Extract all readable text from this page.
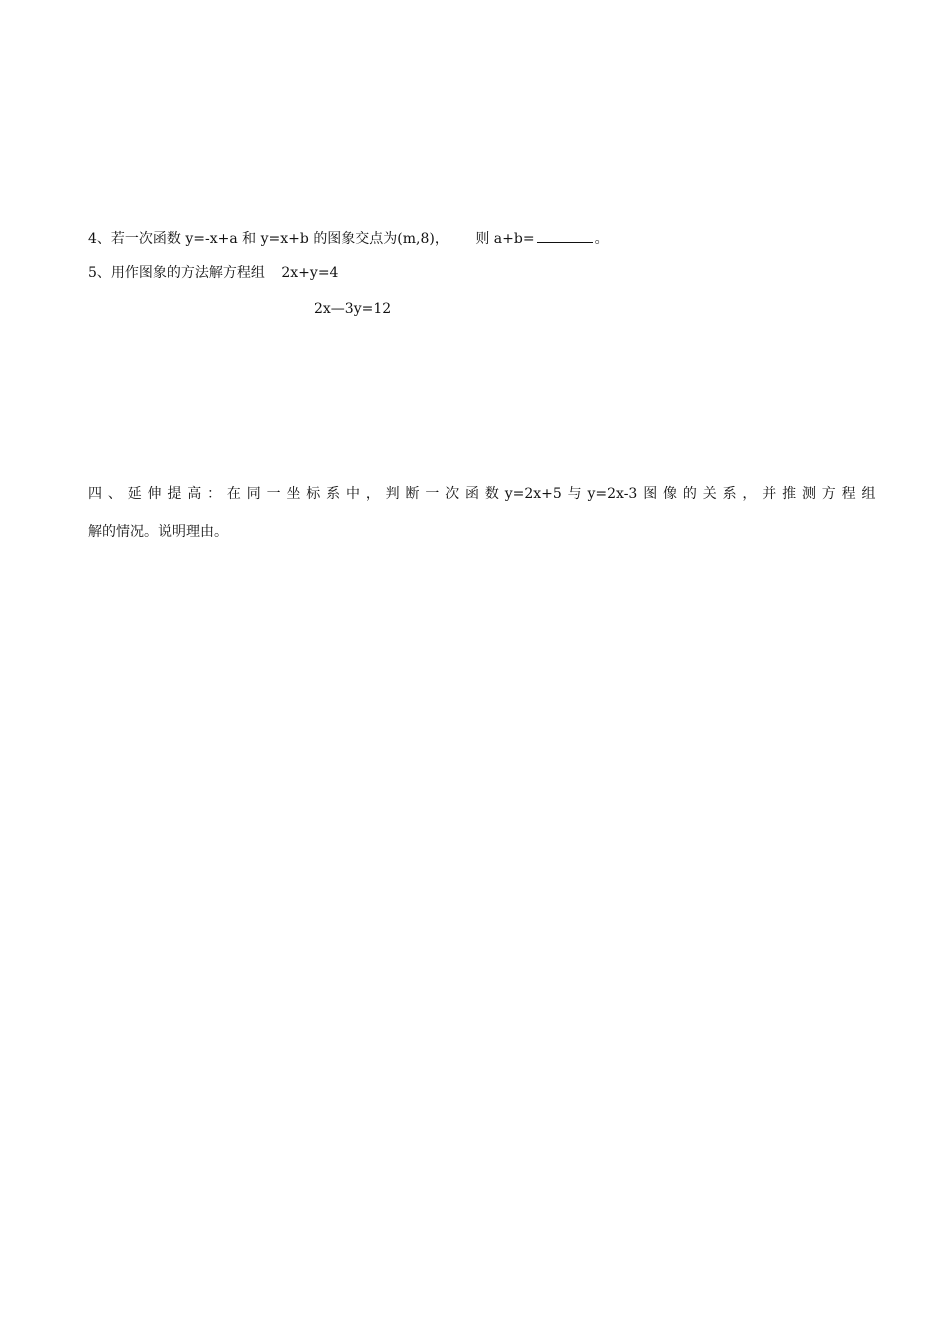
4、若一次函数 y=-x+a 和 y=x+b 的图象交点为(m,8)， 则 a+b=	。
5、用作图象的方法解方程组 2x+y=4
2x—3y=12
四 、 延 伸 提 高 ： 在 同 一 坐 标 系 中 ， 判 断 一 次 函 数 y=2x+5 与 y=2x-3 图 像 的 关 系 ， 并 推 测 方 程 组
解的情况。说明理由。
